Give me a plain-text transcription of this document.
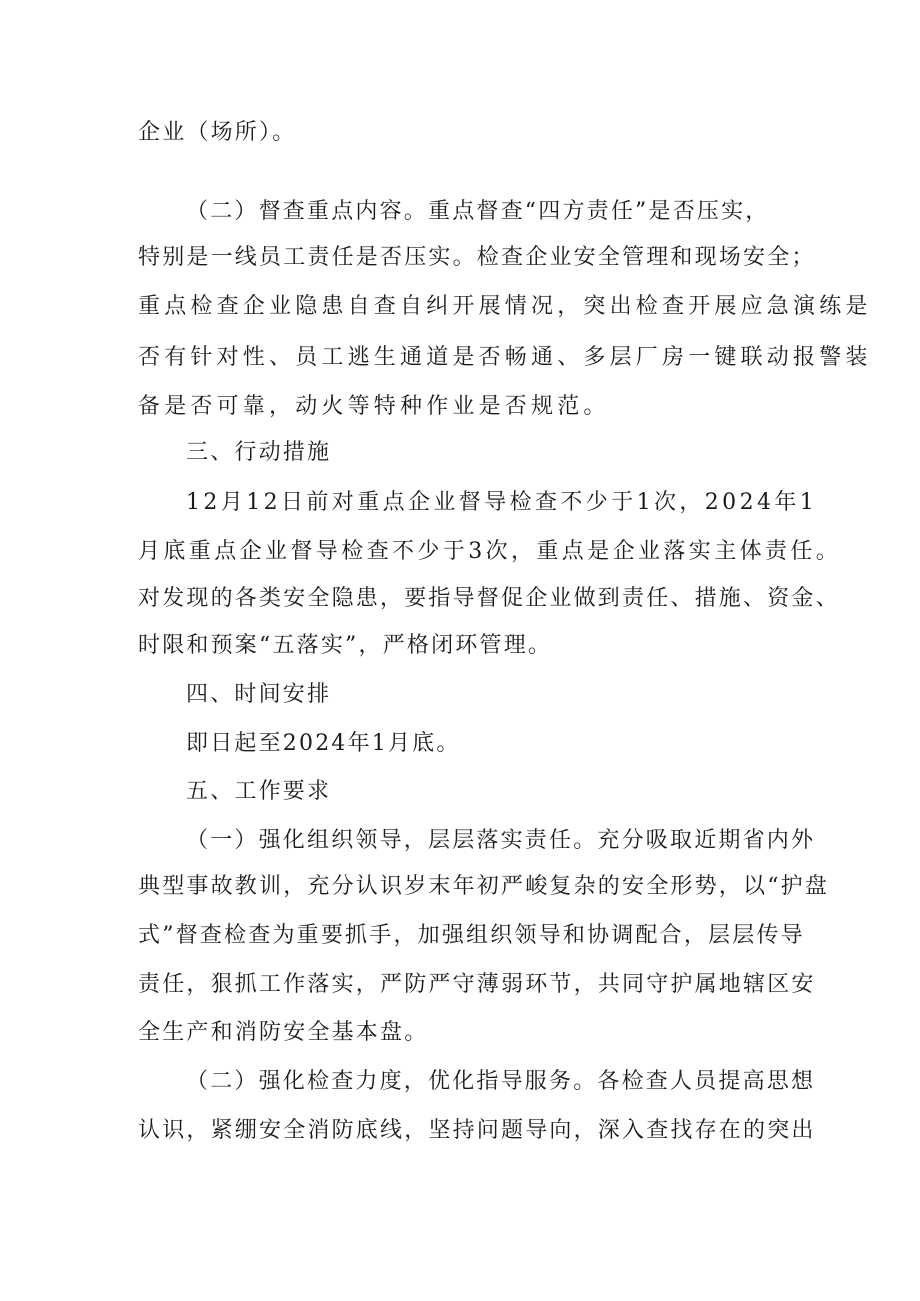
企业（场所）。
（二）督查重点内容。重点督查“四方责任”是否压实，
特别是一线员工责任是否压实。检查企业安全管理和现场安全；
重点检查企业隐患自查自纠开展情况，突出检查开展应急演练是
否有针对性、员工逃生通道是否畅通、多层厂房一键联动报警装
备是否可靠，动火等特种作业是否规范。
三、行动措施
12月12日前对重点企业督导检查不少于1次，2024年1
月底重点企业督导检查不少于3次，重点是企业落实主体责任。
对发现的各类安全隐患，要指导督促企业做到责任、措施、资金、
时限和预案“五落实”，严格闭环管理。
四、时间安排
即日起至2024年1月底。
五、工作要求
（一）强化组织领导，层层落实责任。充分吸取近期省内外
典型事故教训，充分认识岁末年初严峻复杂的安全形势，以“护盘
式”督查检查为重要抓手，加强组织领导和协调配合，层层传导
责任，狠抓工作落实，严防严守薄弱环节，共同守护属地辖区安
全生产和消防安全基本盘。
（二）强化检查力度，优化指导服务。各检查人员提高思想
认识，紧绷安全消防底线，坚持问题导向，深入查找存在的突出
